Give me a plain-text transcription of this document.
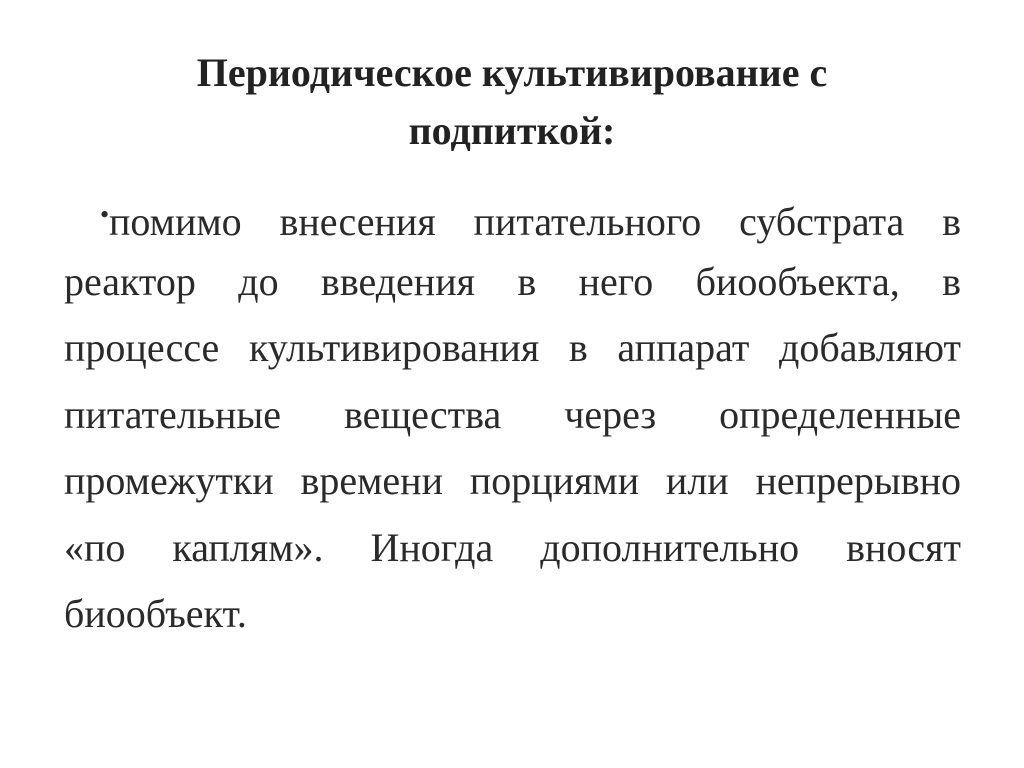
Периодическое культивирование с
подпиткой:
помимо внесения питательного субстрата в
реактор до введения в него биообъекта, в
процессе культивирования в аппарат добавляют
питательные вещества через определенные
промежутки времени порциями или непрерывно
«по каплям». Иногда дополнительно вносят
биообъект.
